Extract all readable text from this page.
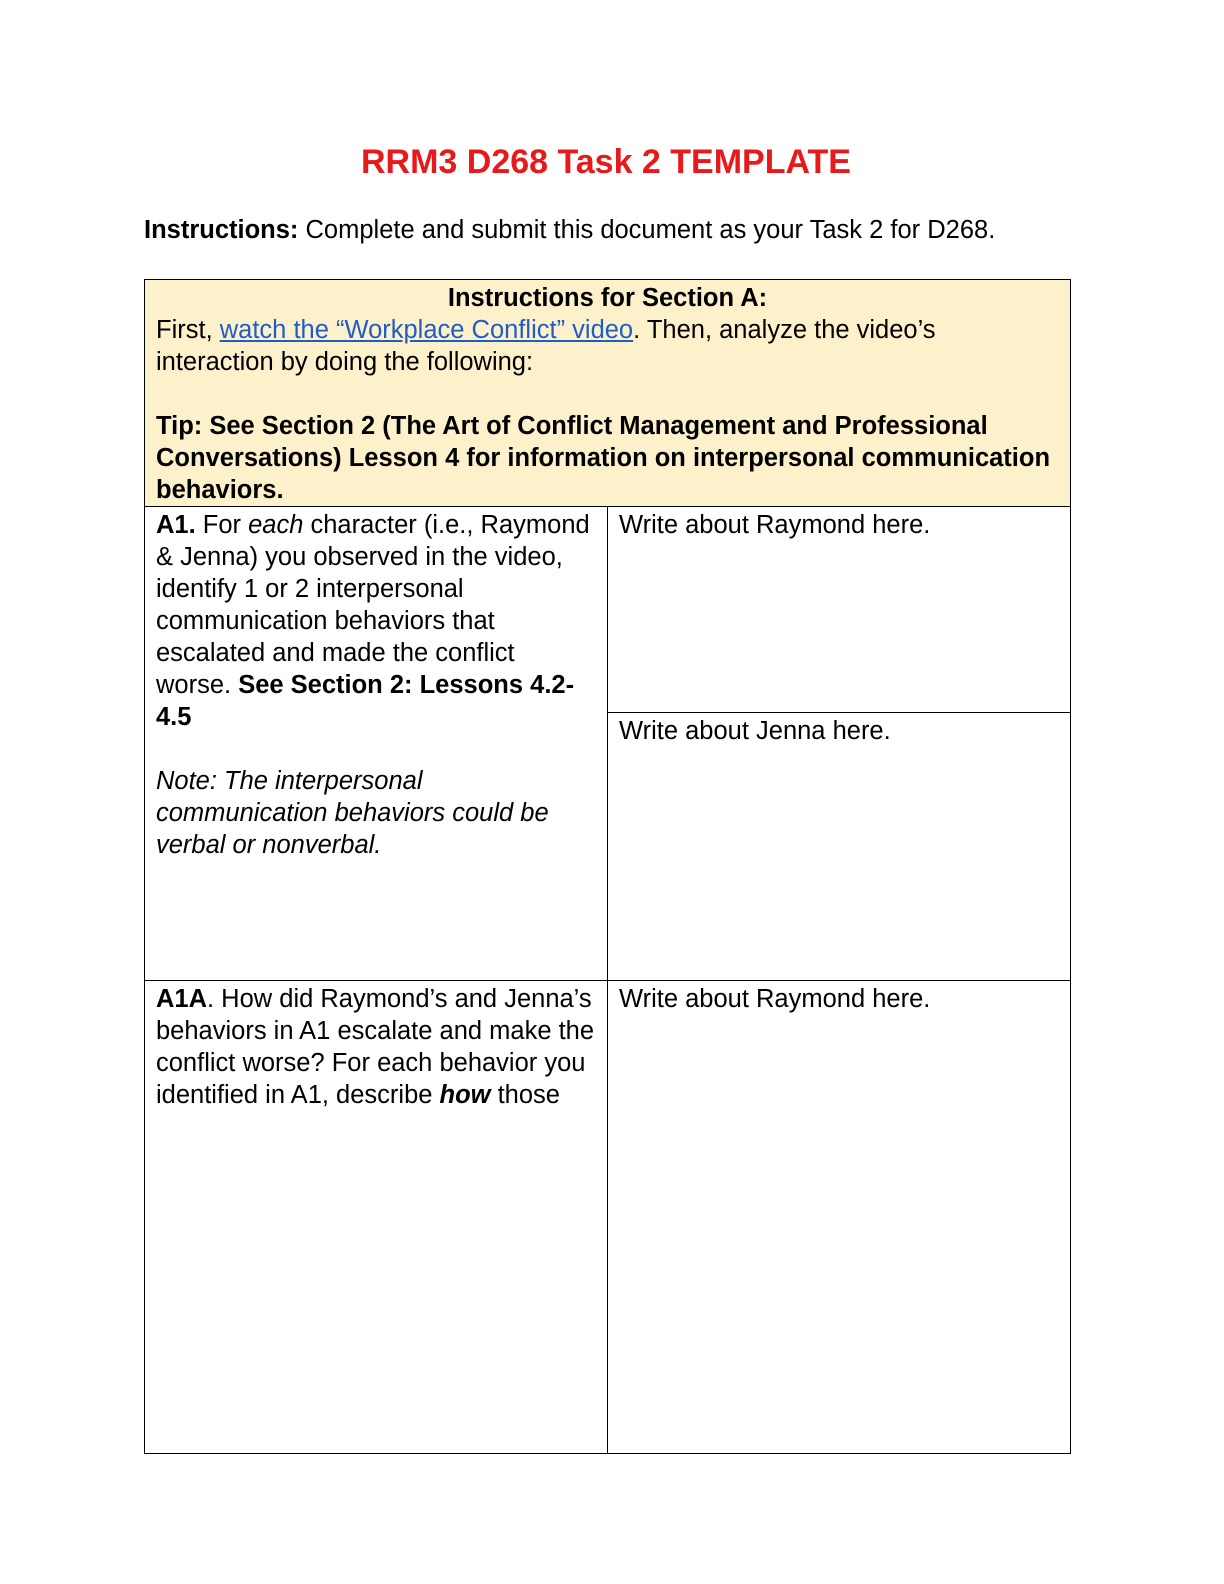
RRM3 D268 Task 2 TEMPLATE
Instructions: Complete and submit this document as your Task 2 for D268.
Instructions for Section A:
First, watch the “Workplace Conflict” video. Then, analyze the video’s interaction by doing the following:
Tip: See Section 2 (The Art of Conflict Management and Professional Conversations) Lesson 4 for information on interpersonal communication behaviors.	

A1. For each character (i.e., Raymond & Jenna) you observed in the video, identify 1 or 2 interpersonal communication behaviors that escalated and made the conflict worse. See Section 2: Lessons 4.2-4.5
Note: The interpersonal communication behaviors could be verbal or nonverbal.	Write about Raymond here.
	Write about Jenna here.

A1A. How did Raymond’s and Jenna’s behaviors in A1 escalate and make the conflict worse? For each behavior you identified in A1, describe how those	Write about Raymond here.
